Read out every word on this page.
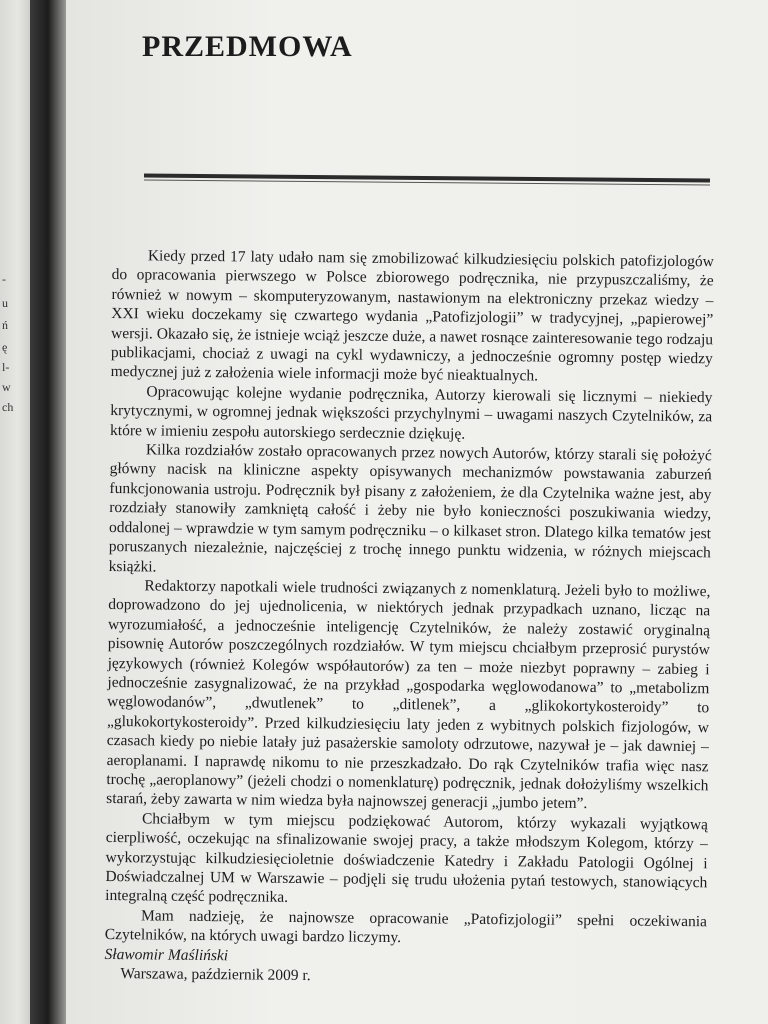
-
u
ń
ę
l-
w
ch
PRZEDMOWA

Kiedy przed 17 laty udało nam się zmobilizować kilkudziesięciu polskich patofizjologów do opracowania pierwszego w Polsce zbiorowego podręcznika, nie przypuszczaliśmy, że również w nowym – skomputeryzowanym, nastawionym na elektroniczny przekaz wiedzy – XXI wieku doczekamy się czwartego wydania „Patofizjologii” w tradycyjnej, „papierowej” wersji. Okazało się, że istnieje wciąż jeszcze duże, a nawet rosnące zainteresowanie tego rodzaju publikacjami, chociaż z uwagi na cykl wydawniczy, a jednocześnie ogromny postęp wiedzy medycznej już z założenia wiele informacji może być nieaktualnych.

Opracowując kolejne wydanie podręcznika, Autorzy kierowali się licznymi – niekiedy krytycznymi, w ogromnej jednak większości przychylnymi – uwagami naszych Czytelników, za które w imieniu zespołu autorskiego serdecznie dziękuję.

Kilka rozdziałów zostało opracowanych przez nowych Autorów, którzy starali się położyć główny nacisk na kliniczne aspekty opisywanych mechanizmów powstawania zaburzeń funkcjonowania ustroju. Podręcznik był pisany z założeniem, że dla Czytelnika ważne jest, aby rozdziały stanowiły zamkniętą całość i żeby nie było konieczności poszukiwania wiedzy, oddalonej – wprawdzie w tym samym podręczniku – o kilkaset stron. Dlatego kilka tematów jest poruszanych niezależnie, najczęściej z trochę innego punktu widzenia, w różnych miejscach książki.

Redaktorzy napotkali wiele trudności związanych z nomenklaturą. Jeżeli było to możliwe, doprowadzono do jej ujednolicenia, w niektórych jednak przypadkach uznano, licząc na wyrozumiałość, a jednocześnie inteligencję Czytelników, że należy zostawić oryginalną pisownię Autorów poszczególnych rozdziałów. W tym miejscu chciałbym przeprosić purystów językowych (również Kolegów współautorów) za ten – może niezbyt poprawny – zabieg i jednocześnie zasygnalizować, że na przykład „gospodarka węglowodanowa” to „metabolizm węglowodanów”, „dwutlenek” to „ditlenek”, a „glikokortykosteroidy” to „glukokortykosteroidy”. Przed kilkudziesięciu laty jeden z wybitnych polskich fizjologów, w czasach kiedy po niebie latały już pasażerskie samoloty odrzutowe, nazywał je – jak dawniej – aeroplanami. I naprawdę nikomu to nie przeszkadzało. Do rąk Czytelników trafia więc nasz trochę „aeroplanowy” (jeżeli chodzi o nomenklaturę) podręcznik, jednak dołożyliśmy wszelkich starań, żeby zawarta w nim wiedza była najnowszej generacji „jumbo jetem”.

Chciałbym w tym miejscu podziękować Autorom, którzy wykazali wyjątkową cierpliwość, oczekując na sfinalizowanie swojej pracy, a także młodszym Kolegom, którzy – wykorzystując kilkudziesięcioletnie doświadczenie Katedry i Zakładu Patologii Ogólnej i Doświadczalnej UM w Warszawie – podjęli się trudu ułożenia pytań testowych, stanowiących integralną część podręcznika.

Mam nadzieję, że najnowsze opracowanie „Patofizjologii” spełni oczekiwania Czytelników, na których uwagi bardzo liczymy.

Sławomir Maśliński

Warszawa, październik 2009 r.
